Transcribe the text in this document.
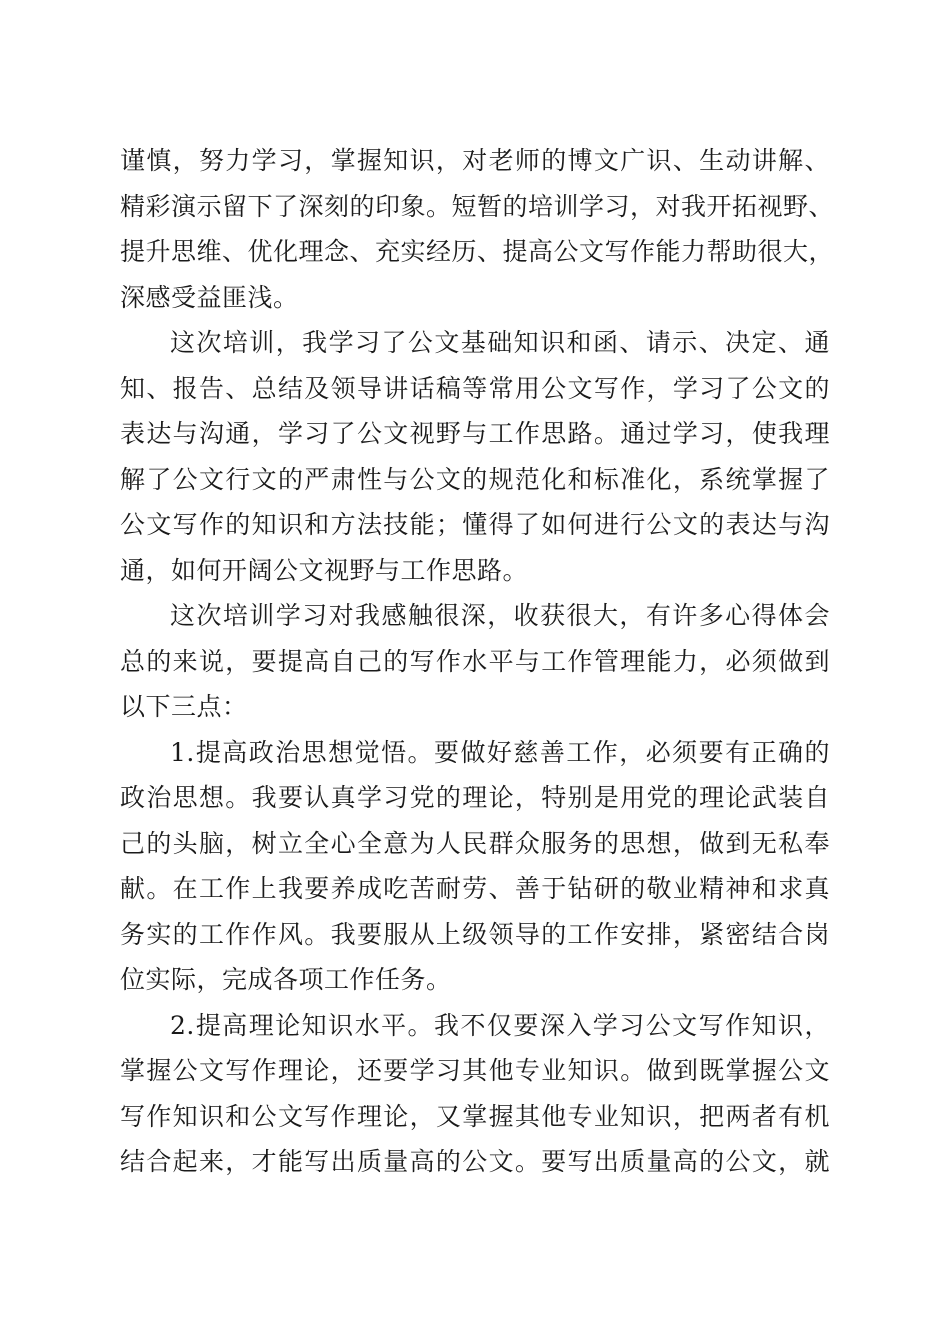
谨慎，努力学习，掌握知识，对老师的博文广识、生动讲解、
精彩演示留下了深刻的印象。短暂的培训学习，对我开拓视野、
提升思维、优化理念、充实经历、提高公文写作能力帮助很大，
深感受益匪浅。
这次培训，我学习了公文基础知识和函、请示、决定、通
知、报告、总结及领导讲话稿等常用公文写作，学习了公文的
表达与沟通，学习了公文视野与工作思路。通过学习，使我理
解了公文行文的严肃性与公文的规范化和标准化，系统掌握了
公文写作的知识和方法技能；懂得了如何进行公文的表达与沟
通，如何开阔公文视野与工作思路。
这次培训学习对我感触很深，收获很大，有许多心得体会
总的来说，要提高自己的写作水平与工作管理能力，必须做到
以下三点：
1.提高政治思想觉悟。要做好慈善工作，必须要有正确的
政治思想。我要认真学习党的理论，特别是用党的理论武装自
己的头脑，树立全心全意为人民群众服务的思想，做到无私奉
献。在工作上我要养成吃苦耐劳、善于钻研的敬业精神和求真
务实的工作作风。我要服从上级领导的工作安排，紧密结合岗
位实际，完成各项工作任务。
2.提高理论知识水平。我不仅要深入学习公文写作知识，
掌握公文写作理论，还要学习其他专业知识。做到既掌握公文
写作知识和公文写作理论，又掌握其他专业知识，把两者有机
结合起来，才能写出质量高的公文。要写出质量高的公文，就
